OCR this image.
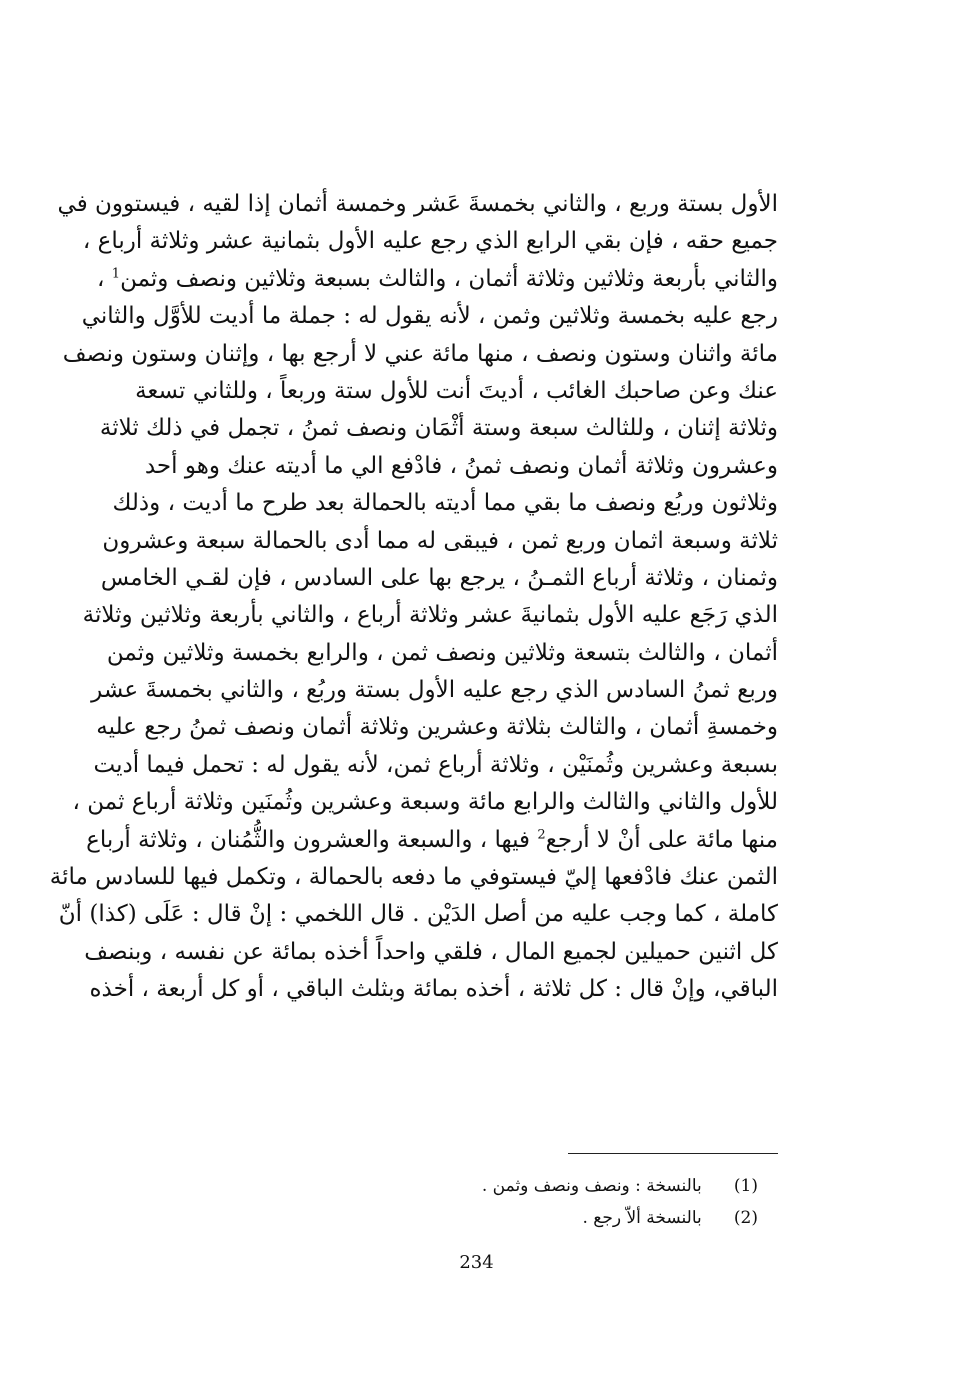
الأول بستة وربع ، والثاني بخمسةَ عَشر وخمسة أثمان إذا لقيه ، فيستوون في
جميع حقه ، فإن بقي الرابع الذي رجع عليه الأول بثمانية عشر وثلاثة أرباع ،
والثاني بأربعة وثلاثين وثلاثة أثمان ، والثالث بسبعة وثلاثين ونصف وثمن$^1$ ،
رجع عليه بخمسة وثلاثين وثمن ، لأنه يقول له : جملة ما أديت للأوَّل والثاني
مائة واثنان وستون ونصف ، منها مائة عني لا أرجع بها ، وإثنان وستون ونصف
عنك وعن صاحبك الغائب ، أديتَ أنت للأول ستة وربعاً ، وللثاني تسعة
وثلاثة إثنان ، وللثالث سبعة وستة أثْمَان ونصف ثمنُ ، تجمل في ذلك ثلاثة
وعشرون وثلاثة أثمان ونصف ثمنُ ، فادْفع الي ما أديته عنك وهو أحد
وثلاثون وربُع ونصف ما بقي مما أديته بالحمالة بعد طرح ما أديت ، وذلك
ثلاثة وسبعة اثمان وربع ثمن ، فيبقى له مما أدى بالحمالة سبعة وعشرون
وثمنان ، وثلاثة أرباع الثمـنُ ، يرجع بها على السادس ، فإن لقـي الخامس
الذي رَجَع عليه الأول بثمانيةَ عشر وثلاثة أرباع ، والثاني بأربعة وثلاثين وثلاثة
أثمان ، والثالث بتسعة وثلاثين ونصف ثمن ، والرابع بخمسة وثلاثين وثمن
وربع ثمنُ السادس الذي رجع عليه الأول بستة وربُع ، والثاني بخمسةَ عشر
وخمسةِ أثمان ، والثالث بثلاثة وعشرين وثلاثة أثمان ونصف ثمنُ رجع عليه
بسبعة وعشرين وثُمنَيْن ، وثلاثة أرباع ثمن، لأنه يقول له : تحمل فيما أديت
للأول والثاني والثالث والرابع مائة وسبعة وعشرين وثُمنَين وثلاثة أرباع ثمن ،
منها مائة على أنْ لا أرجع$^2$ فيها ، والسبعة والعشرون والثُّمُنان ، وثلاثة أرباع
الثمن عنك فادْفعها إليّ فيستوفي ما دفعه بالحمالة ، وتكمل فيها للسادس مائة
كاملة ، كما وجب عليه من أصل الدَيْن . قال اللخمي : إنْ قال : عَلَى (كذا) أنّ
كل اثنين حميلين لجميع المال ، فلقي واحداً أخذه بمائة عن نفسه ، وبنصف
الباقي، وإنْ قال : كل ثلاثة ، أخذه بمائة وبثلث الباقي ، أو كل أربعة ، أخذه
(1)   بالنسخة : ونصف ونصف وثمن .
(2)   بالنسخة ألاّ رجع .
234
